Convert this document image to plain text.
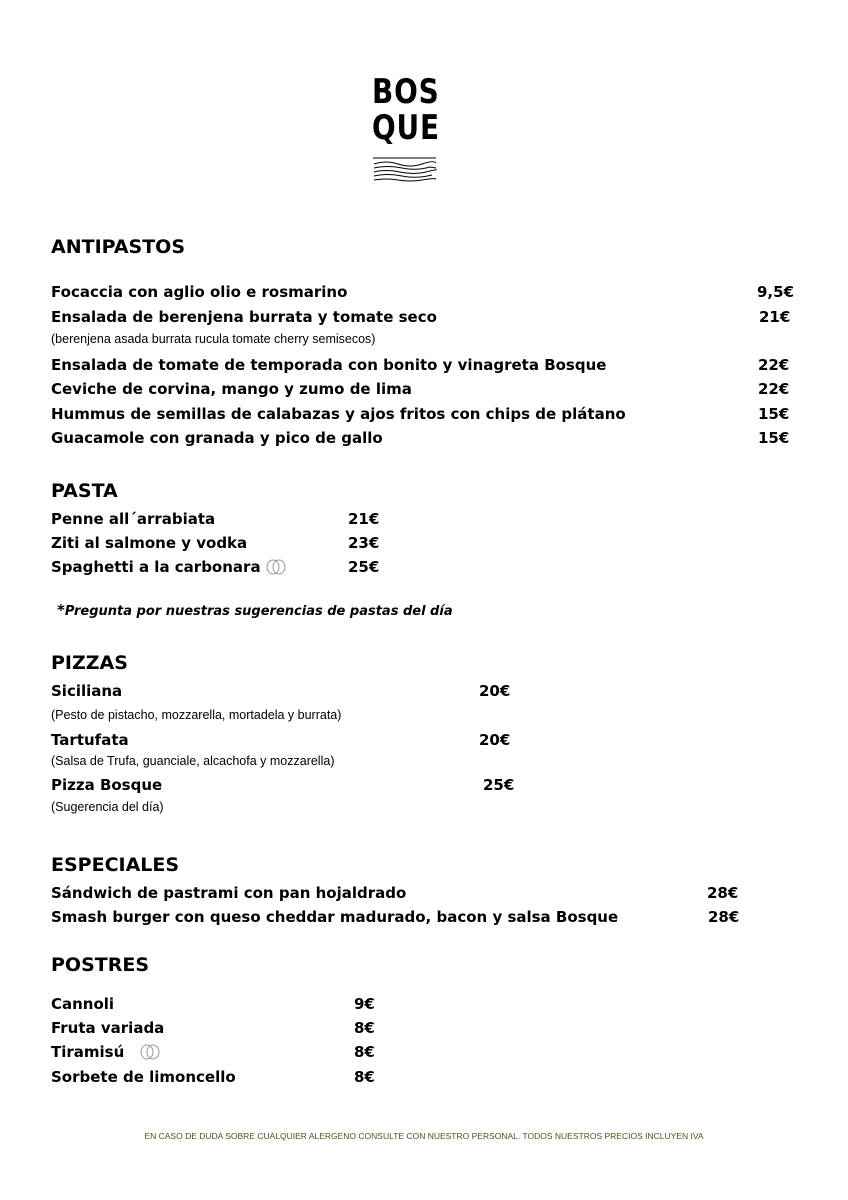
BOS
QUE
ANTIPASTOS
Focaccia con aglio olio e rosmarino	9,5€
Ensalada de berenjena burrata y tomate seco	21€
(berenjena asada burrata rucula tomate cherry semisecos)
Ensalada de tomate de temporada con bonito y vinagreta Bosque	22€
Ceviche de corvina, mango y zumo de lima	22€
Hummus de semillas de calabazas y ajos fritos con chips de plátano	15€
Guacamole con granada y pico de gallo	15€
PASTA
Penne all´arrabiata	21€
Ziti al salmone y vodka	23€
Spaghetti a la carbonara	25€
*Pregunta por nuestras sugerencias de pastas del día
PIZZAS
Siciliana	20€
(Pesto de pistacho, mozzarella, mortadela y burrata)
Tartufata	20€
(Salsa de Trufa, guanciale, alcachofa y mozzarella)
Pizza Bosque	25€
(Sugerencia del día)
ESPECIALES
Sándwich de pastrami con pan hojaldrado	28€
Smash burger con queso cheddar madurado, bacon y salsa Bosque	28€
POSTRES
Cannoli	9€
Fruta variada	8€
Tiramisú	8€
Sorbete de limoncello	8€
EN CASO DE DUDA SOBRE CUALQUIER ALERGENO CONSULTE CON NUESTRO PERSONAL. TODOS NUESTROS PRECIOS INCLUYEN IVA
